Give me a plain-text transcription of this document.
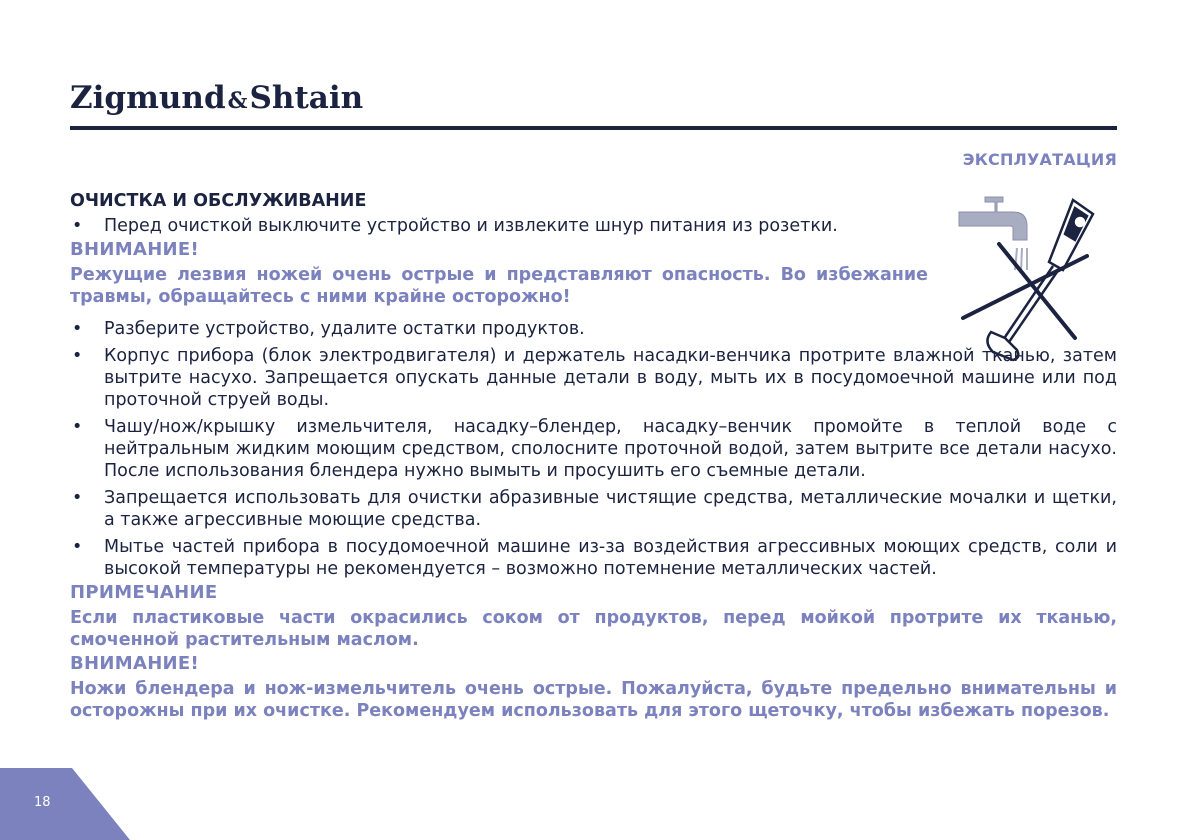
Zigmund&Shtain
ЭКСПЛУАТАЦИЯ
ОЧИСТКА И ОБСЛУЖИВАНИЕ

• Перед очисткой выключите устройство и извлеките шнур питания из розетки.

ВНИМАНИЕ!

Режущие лезвия ножей очень острые и представляют опасность. Во избежание травмы, обращайтесь с ними крайне осторожно!

• Разберите устройство, удалите остатки продуктов.

• Корпус прибора (блок электродвигателя) и держатель насадки-венчика протрите влажной тканью, затем вытрите насухо. Запрещается опускать данные детали в воду, мыть их в посудомоечной машине или под проточной струей воды.

• Чашу/нож/крышку измельчителя, насадку–блендер, насадку–венчик промойте в теплой воде с нейтральным жидким моющим средством, сполосните проточной водой, затем вытрите все детали насухо. После использования блендера нужно вымыть и просушить его съемные детали.

• Запрещается использовать для очистки абразивные чистящие средства, металлические мочалки и щетки, а также агрессивные моющие средства.

• Мытье частей прибора в посудомоечной машине из-за воздействия агрессивных моющих средств, соли и высокой температуры не рекомендуется – возможно потемнение металлических частей.

ПРИМЕЧАНИЕ

Если пластиковые части окрасились соком от продуктов, перед мойкой протрите их тканью, смоченной растительным маслом.

ВНИМАНИЕ!

Ножи блендера и нож-измельчитель очень острые. Пожалуйста, будьте предельно внимательны и осторожны при их очистке. Рекомендуем использовать для этого щеточку, чтобы избежать порезов.

18
